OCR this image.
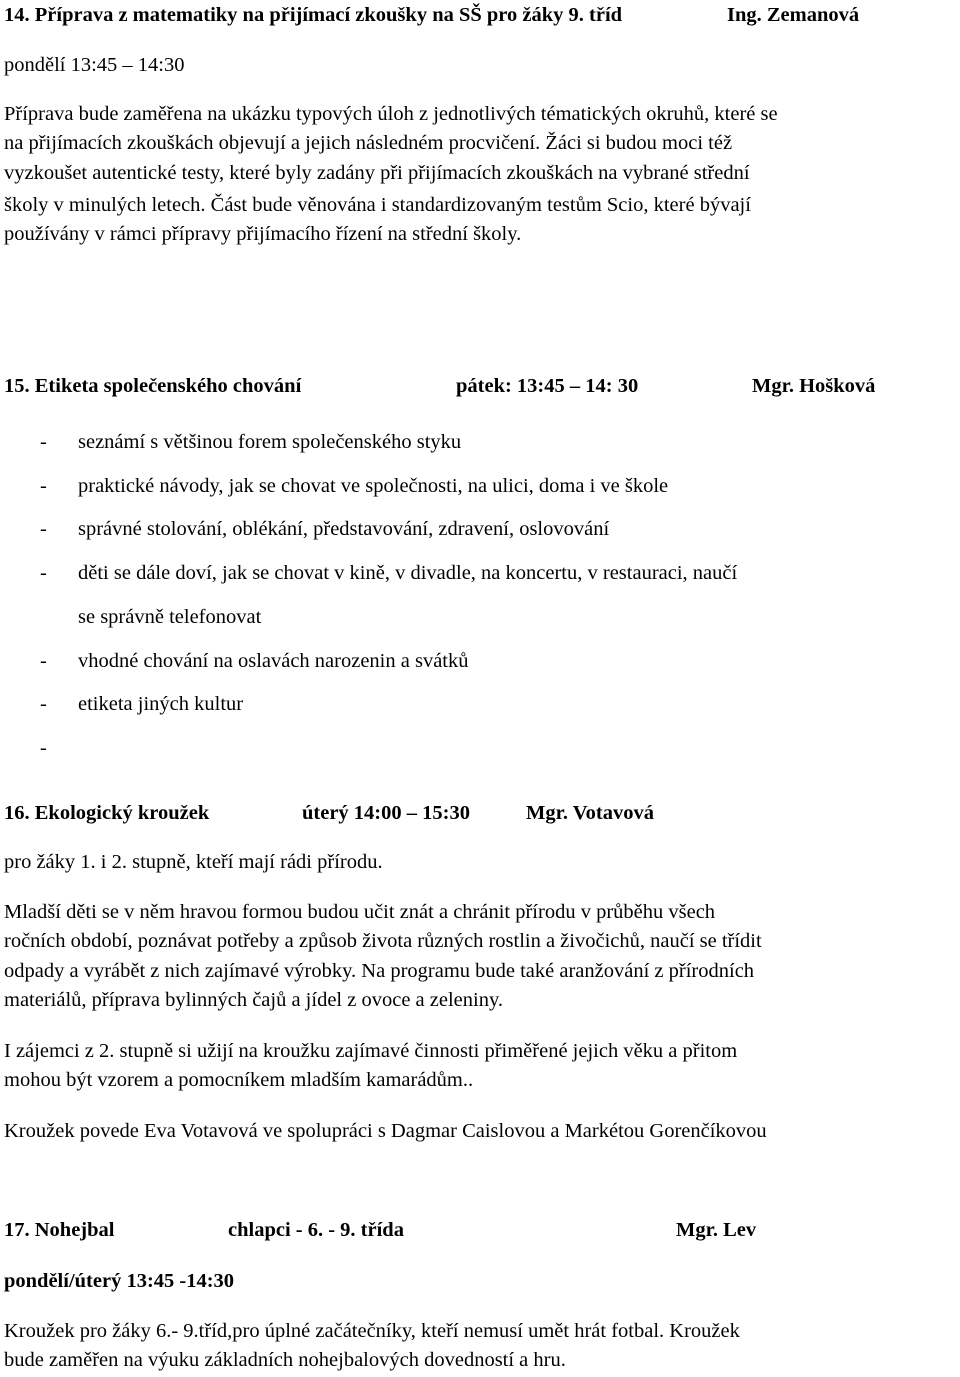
14. Příprava z matematiky na přijímací zkoušky na SŠ pro žáky 9. tříd	Ing. Zemanová
pondělí 13:45 – 14:30
Příprava bude zaměřena na ukázku typových úloh z jednotlivých tématických okruhů, které se
na přijímacích zkouškách objevují a jejich následném procvičení. Žáci si budou moci též
vyzkoušet autentické testy, které byly zadány při přijímacích zkouškách na vybrané střední
školy v minulých letech. Část bude věnována i standardizovaným testům Scio, které bývají
používány v rámci přípravy přijímacího řízení na střední školy.
15. Etiketa společenského chování	pátek: 13:45 – 14: 30	Mgr. Hošková
- seznámí s většinou forem společenského styku
- praktické návody, jak se chovat ve společnosti, na ulici, doma i ve škole
- správné stolování, oblékání, představování, zdravení, oslovování
- děti se dále doví, jak se chovat v kině, v divadle, na koncertu, v restauraci, naučí
se správně telefonovat
- vhodné chování na oslavách narozenin a svátků
- etiketa jiných kultur
-
16. Ekologický kroužek	úterý 14:00 – 15:30	Mgr. Votavová
pro žáky 1. i 2. stupně, kteří mají rádi přírodu.
Mladší děti se v něm hravou formou budou učit znát a chránit přírodu v průběhu všech
ročních období, poznávat potřeby a způsob života různých rostlin a živočichů, naučí se třídit
odpady a vyrábět z nich zajímavé výrobky. Na programu bude také aranžování z přírodních
materiálů, příprava bylinných čajů a jídel z ovoce a zeleniny.
I zájemci z 2. stupně si užijí na kroužku zajímavé činnosti přiměřené jejich věku a přitom
mohou být vzorem a pomocníkem mladším kamarádům..
Kroužek povede Eva Votavová ve spolupráci s Dagmar Caislovou a Markétou Gorenčíkovou
17. Nohejbal	chlapci - 6. - 9. třída	Mgr. Lev
pondělí/úterý 13:45 -14:30
Kroužek pro žáky 6.- 9.tříd,pro úplné začátečníky, kteří nemusí umět hrát fotbal. Kroužek
bude zaměřen na výuku základních nohejbalových dovedností a hru.
